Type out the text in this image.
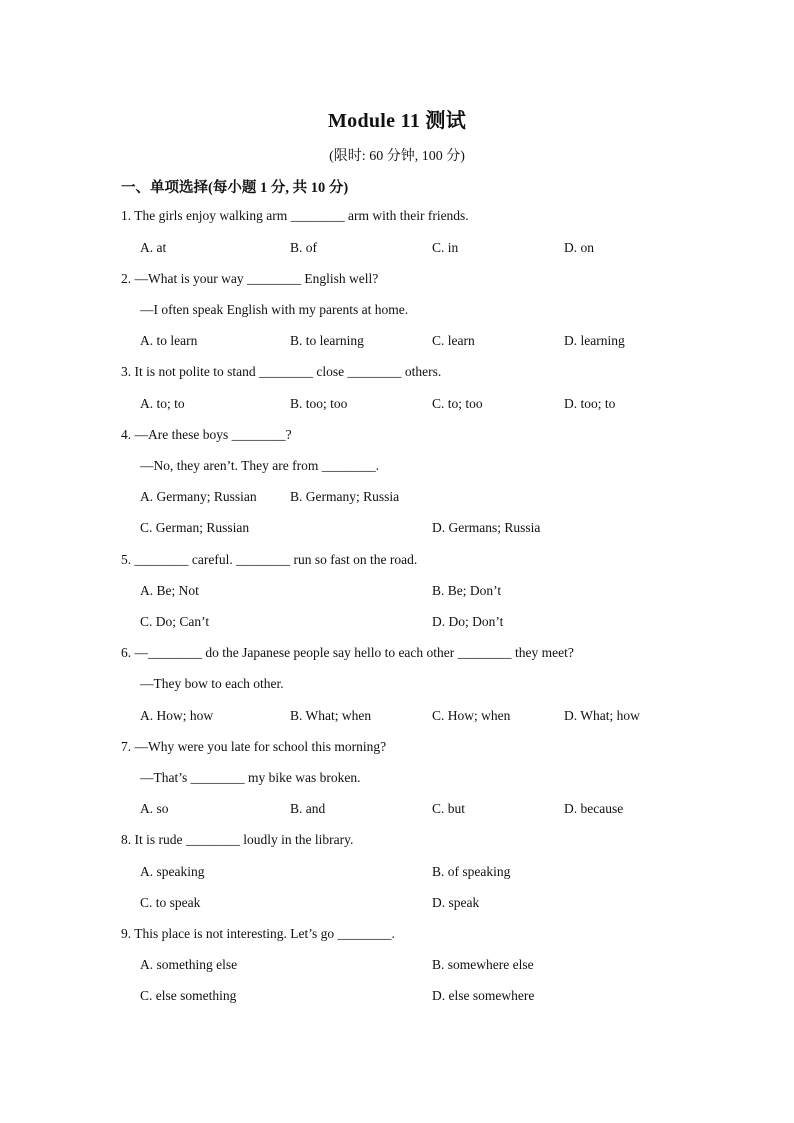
Module 11 测试
(限时: 60 分钟, 100 分)
一、单项选择(每小题 1 分, 共 10 分)
1. The girls enjoy walking arm ________ arm with their friends.
A. at	B. of	C. in	D. on
2. —What is your way ________ English well?
—I often speak English with my parents at home.
A. to learn	B. to learning	C. learn	D. learning
3. It is not polite to stand ________ close ________ others.
A. to; to	B. too; too	C. to; too	D. too; to
4. —Are these boys ________?
—No, they aren’t. They are from ________.
A. Germany; Russian B. Germany; Russia
C. German; Russian	D. Germans; Russia
5. ________ careful. ________ run so fast on the road.
A. Be; Not	B. Be; Don’t
C. Do; Can’t	D. Do; Don’t
6. —________ do the Japanese people say hello to each other ________ they meet?
—They bow to each other.
A. How; how	B. What; when	C. How; when	D. What; how
7. —Why were you late for school this morning?
—That’s ________ my bike was broken.
A. so	B. and	C. but	D. because
8. It is rude ________ loudly in the library.
A. speaking	B. of speaking
C. to speak	D. speak
9. This place is not interesting. Let’s go ________.
A. something else	B. somewhere else
C. else something	D. else somewhere
